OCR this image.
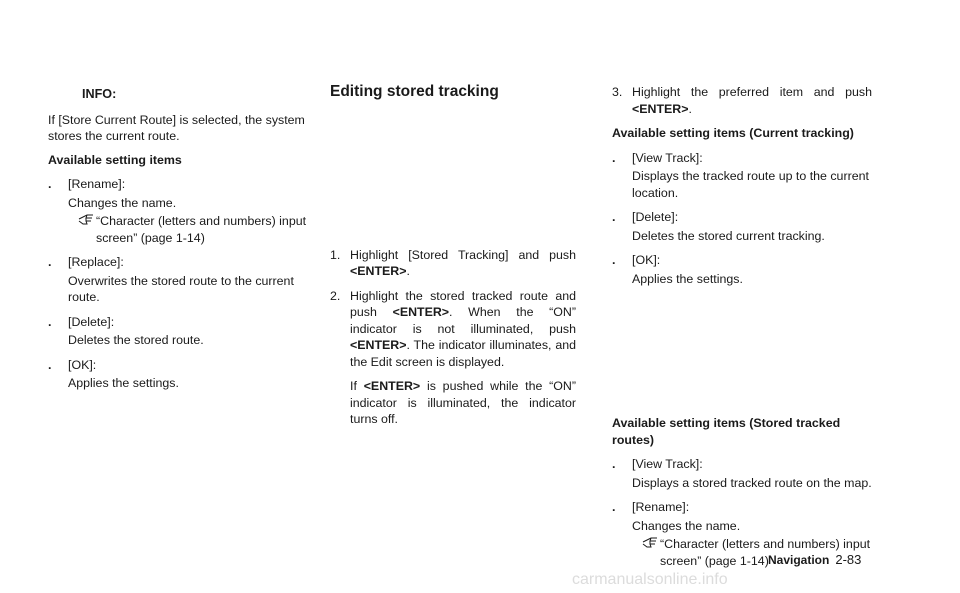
INFO:

If [Store Current Route] is selected, the system stores the current route.

Available setting items

.	[Rename]:
Changes the name.
“Character (letters and numbers) input screen” (page 1-14)
.	[Replace]:
Overwrites the stored route to the current route.
.	[Delete]:
Deletes the stored route.
.	[OK]:
Applies the settings.
Editing stored tracking
1. Highlight [Stored Tracking] and push <ENTER>.
2. Highlight the stored tracked route and push <ENTER>. When the “ON” indicator is not illuminated, push <ENTER>. The indicator illuminates, and the Edit screen is displayed.
If <ENTER> is pushed while the “ON” indicator is illuminated, the indicator turns off.
3. Highlight the preferred item and push <ENTER>.

Available setting items (Current tracking)

.	[View Track]:
Displays the tracked route up to the current location.
.	[Delete]:
Deletes the stored current tracking.
.	[OK]:
Applies the settings.

Available setting items (Stored tracked routes)

.	[View Track]:
Displays a stored tracked route on the map.
.	[Rename]:
Changes the name.
“Character (letters and numbers) input screen” (page 1-14) Navigation 2-83
carmanualsonline.info
